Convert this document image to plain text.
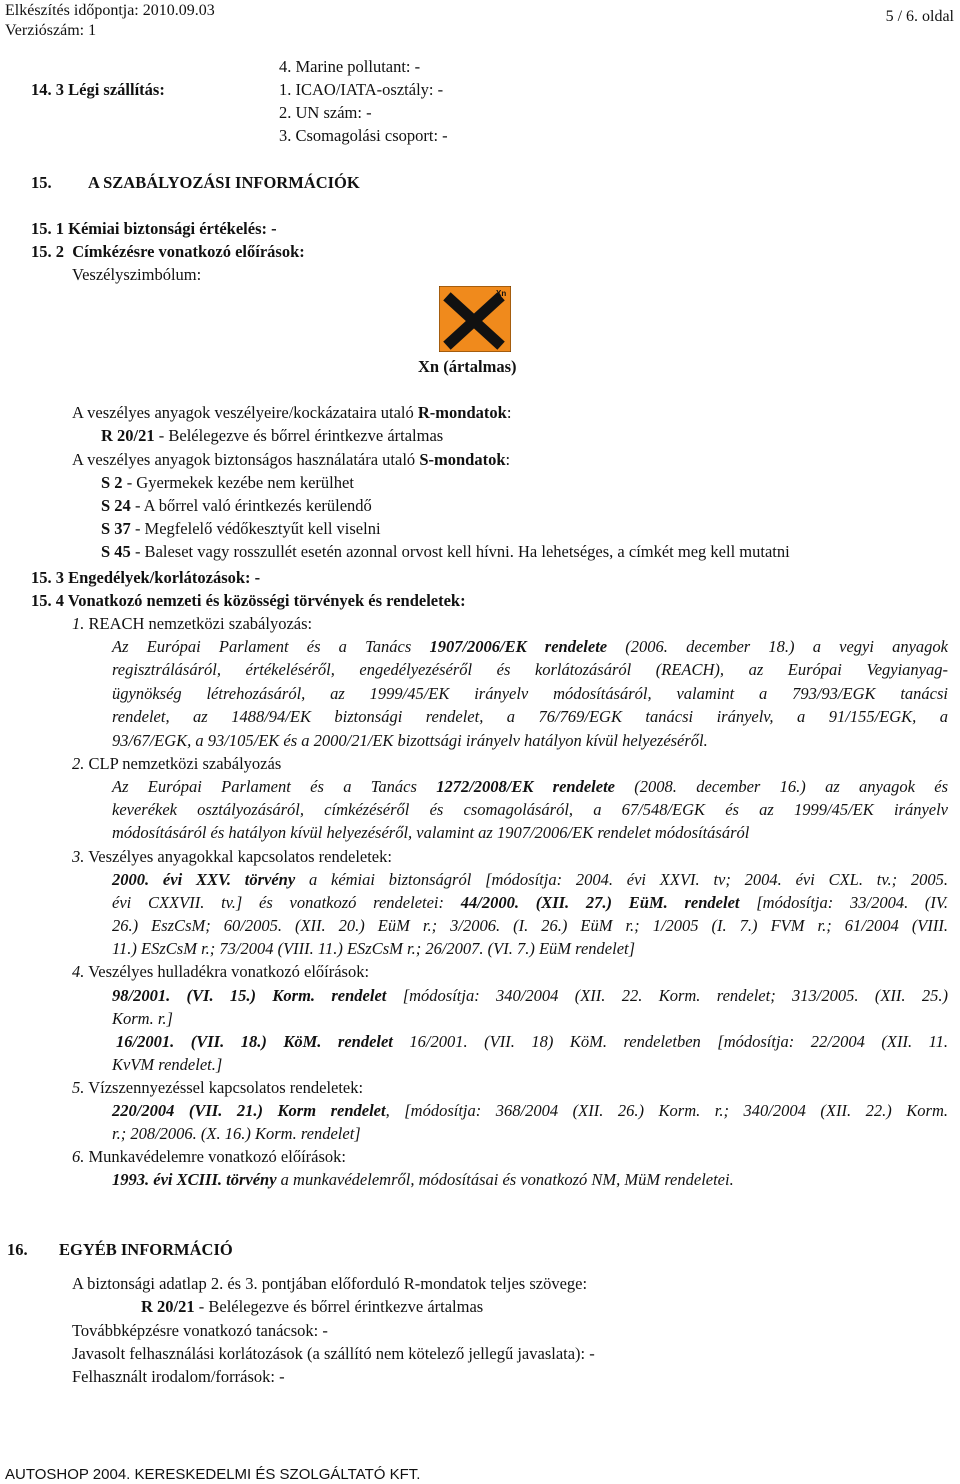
Elkészítés időpontja: 2010.09.03
Verziószám: 1
5 / 6. oldal
4. Marine pollutant: -
14. 3 Légi szállítás:	1. ICAO/IATA-osztály: -
2. UN szám: -
3. Csomagolási csoport: -
15. A SZABÁLYOZÁSI INFORMÁCIÓK
15. 1 Kémiai biztonsági értékelés: -
15. 2 Címkézésre vonatkozó előírások:
Veszélyszimbólum:
Xn
Xn (ártalmas)
A veszélyes anyagok veszélyeire/kockázataira utaló R-mondatok:
R 20/21 - Belélegezve és bőrrel érintkezve ártalmas
A veszélyes anyagok biztonságos használatára utaló S-mondatok:
S 2 - Gyermekek kezébe nem kerülhet
S 24 - A bőrrel való érintkezés kerülendő
S 37 - Megfelelő védőkesztyűt kell viselni
S 45 - Baleset vagy rosszullét esetén azonnal orvost kell hívni. Ha lehetséges, a címkét meg kell mutatni
15. 3 Engedélyek/korlátozások: -
15. 4 Vonatkozó nemzeti és közösségi törvények és rendeletek:
1. REACH nemzetközi szabályozás:
Az Európai Parlament és a Tanács 1907/2006/EK rendelete (2006. december 18.) a vegyi anyagok
regisztrálásáról, értékeléséről, engedélyezéséről és korlátozásáról (REACH), az Európai Vegyianyag-
ügynökség létrehozásáról, az 1999/45/EK irányelv módosításáról, valamint a 793/93/EGK tanácsi
rendelet, az 1488/94/EK biztonsági rendelet, a 76/769/EGK tanácsi irányelv, a 91/155/EGK, a
93/67/EGK, a 93/105/EK és a 2000/21/EK bizottsági irányelv hatályon kívül helyezéséről.
2. CLP nemzetközi szabályozás
Az Európai Parlament és a Tanács 1272/2008/EK rendelete (2008. december 16.) az anyagok és
keverékek osztályozásáról, címkézéséről és csomagolásáról, a 67/548/EGK és az 1999/45/EK irányelv
módosításáról és hatályon kívül helyezéséről, valamint az 1907/2006/EK rendelet módosításáról
3. Veszélyes anyagokkal kapcsolatos rendeletek:
2000. évi XXV. törvény a kémiai biztonságról [módosítja: 2004. évi XXVI. tv; 2004. évi CXL. tv.; 2005.
évi CXXVII. tv.] és vonatkozó rendeletei: 44/2000. (XII. 27.) EüM. rendelet [módosítja: 33/2004. (IV.
26.) EszCsM; 60/2005. (XII. 20.) EüM r.; 3/2006. (I. 26.) EüM r.; 1/2005 (I. 7.) FVM r.; 61/2004 (VIII.
11.) ESzCsM r.; 73/2004 (VIII. 11.) ESzCsM r.; 26/2007. (VI. 7.) EüM rendelet]
4. Veszélyes hulladékra vonatkozó előírások:
98/2001. (VI. 15.) Korm. rendelet [módosítja: 340/2004 (XII. 22. Korm. rendelet; 313/2005. (XII. 25.)
Korm. r.]
16/2001. (VII. 18.) KöM. rendelet 16/2001. (VII. 18) KöM. rendeletben [módosítja: 22/2004 (XII. 11.
KvVM rendelet.]
5. Vízszennyezéssel kapcsolatos rendeletek:
220/2004 (VII. 21.) Korm rendelet, [módosítja: 368/2004 (XII. 26.) Korm. r.; 340/2004 (XII. 22.) Korm.
r.; 208/2006. (X. 16.) Korm. rendelet]
6. Munkavédelemre vonatkozó előírások:
1993. évi XCIII. törvény a munkavédelemről, módosításai és vonatkozó NM, MüM rendeletei.
16. EGYÉB INFORMÁCIÓ
A biztonsági adatlap 2. és 3. pontjában előforduló R-mondatok teljes szövege:
R 20/21 - Belélegezve és bőrrel érintkezve ártalmas
Továbbképzésre vonatkozó tanácsok: -
Javasolt felhasználási korlátozások (a szállító nem kötelező jellegű javaslata): -
Felhasznált irodalom/források: -
AUTOSHOP 2004. KERESKEDELMI ÉS SZOLGÁLTATÓ KFT.
